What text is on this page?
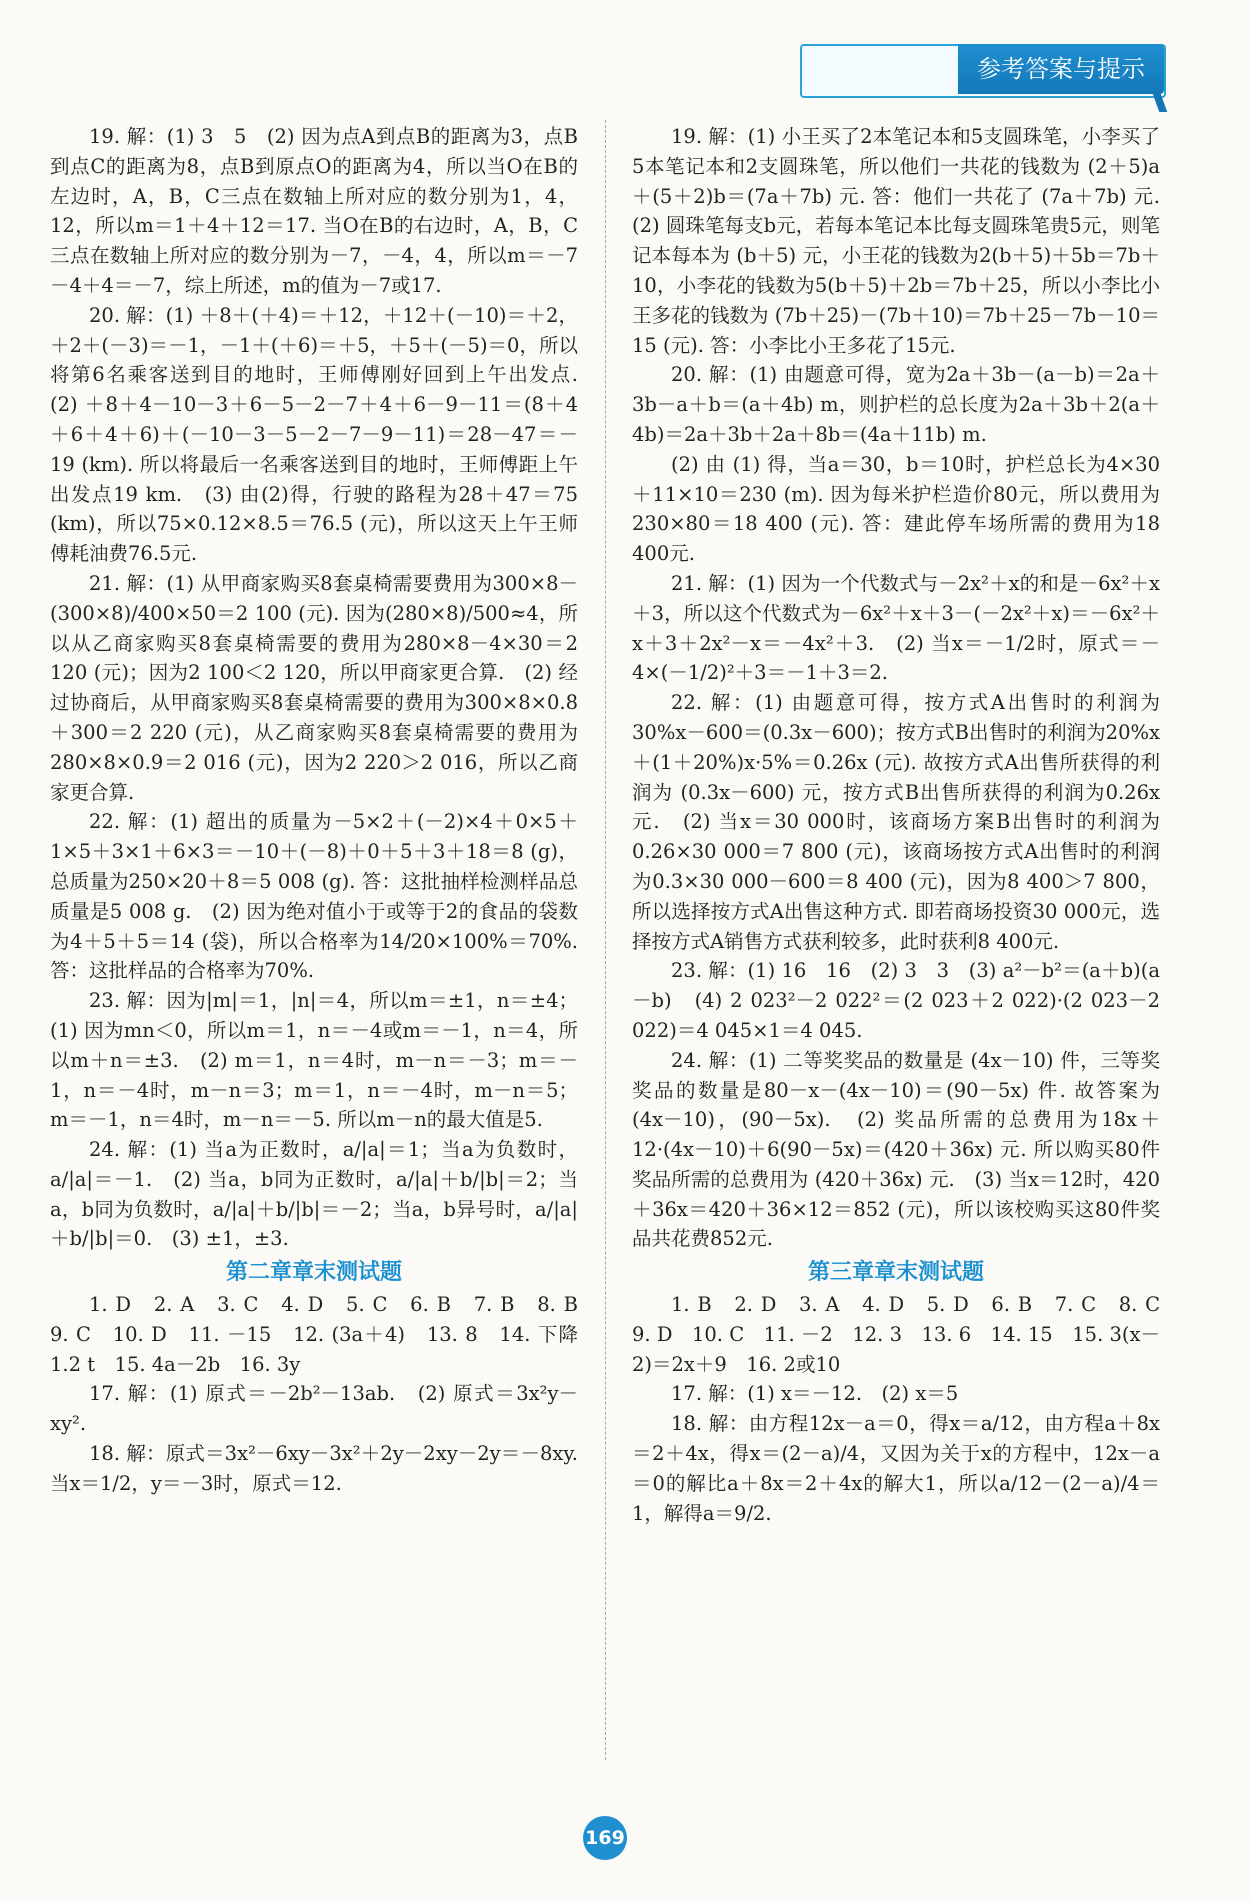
参考答案与提示

19. 解：(1) 3　5　(2) 因为点A到点B的距离为3，点B到点C的距离为8，点B到原点O的距离为4，所以当O在B的左边时，A，B，C三点在数轴上所对应的数分别为1，4，12，所以m＝1＋4＋12＝17. 当O在B的右边时，A，B，C三点在数轴上所对应的数分别为－7，－4，4，所以m＝－7－4＋4＝－7，综上所述，m的值为－7或17.

20. 解：(1) ＋8＋(＋4)＝＋12，＋12＋(－10)＝＋2，＋2＋(－3)＝－1，－1＋(＋6)＝＋5，＋5＋(－5)＝0，所以将第6名乘客送到目的地时，王师傅刚好回到上午出发点.　(2) ＋8＋4－10－3＋6－5－2－7＋4＋6－9－11＝(8＋4＋6＋4＋6)＋(－10－3－5－2－7－9－11)＝28－47＝－19 (km). 所以将最后一名乘客送到目的地时，王师傅距上午出发点19 km.　(3) 由(2)得，行驶的路程为28＋47＝75 (km)，所以75×0.12×8.5＝76.5 (元)，所以这天上午王师傅耗油费76.5元.

21. 解：(1) 从甲商家购买8套桌椅需要费用为300×8－(300×8)/400×50＝2 100 (元). 因为(280×8)/500≈4，所以从乙商家购买8套桌椅需要的费用为280×8－4×30＝2 120 (元)；因为2 100＜2 120，所以甲商家更合算.　(2) 经过协商后，从甲商家购买8套桌椅需要的费用为300×8×0.8＋300＝2 220 (元)，从乙商家购买8套桌椅需要的费用为280×8×0.9＝2 016 (元)，因为2 220＞2 016，所以乙商家更合算.

22. 解：(1) 超出的质量为－5×2＋(－2)×4＋0×5＋1×5＋3×1＋6×3＝－10＋(－8)＋0＋5＋3＋18＝8 (g)，总质量为250×20＋8＝5 008 (g). 答：这批抽样检测样品总质量是5 008 g.　(2) 因为绝对值小于或等于2的食品的袋数为4＋5＋5＝14 (袋)，所以合格率为14/20×100%＝70%. 答：这批样品的合格率为70%.

23. 解：因为|m|＝1，|n|＝4，所以m＝±1，n＝±4；(1) 因为mn＜0，所以m＝1，n＝－4或m＝－1，n＝4，所以m＋n＝±3.　(2) m＝1，n＝4时，m－n＝－3；m＝－1，n＝－4时，m－n＝3；m＝1，n＝－4时，m－n＝5；m＝－1，n＝4时，m－n＝－5. 所以m－n的最大值是5.

24. 解：(1) 当a为正数时，a/|a|＝1；当a为负数时，a/|a|＝－1.　(2) 当a，b同为正数时，a/|a|＋b/|b|＝2；当a，b同为负数时，a/|a|＋b/|b|＝－2；当a，b异号时，a/|a|＋b/|b|＝0.　(3) ±1，±3.

第二章章末测试题

1. D　2. A　3. C　4. D　5. C　6. B　7. B　8. B　9. C　10. D　11. －15　12. (3a＋4)　13. 8　14. 下降1.2 t　15. 4a－2b　16. 3y

17. 解：(1) 原式＝－2b²－13ab.　(2) 原式＝3x²y－xy².

18. 解：原式＝3x²－6xy－3x²＋2y－2xy－2y＝－8xy. 当x＝1/2，y＝－3时，原式＝12.

19. 解：(1) 小王买了2本笔记本和5支圆珠笔，小李买了5本笔记本和2支圆珠笔，所以他们一共花的钱数为 (2＋5)a＋(5＋2)b＝(7a＋7b) 元. 答：他们一共花了 (7a＋7b) 元.　(2) 圆珠笔每支b元，若每本笔记本比每支圆珠笔贵5元，则笔记本每本为 (b＋5) 元，小王花的钱数为2(b＋5)＋5b＝7b＋10，小李花的钱数为5(b＋5)＋2b＝7b＋25，所以小李比小王多花的钱数为 (7b＋25)－(7b＋10)＝7b＋25－7b－10＝15 (元). 答：小李比小王多花了15元.

20. 解：(1) 由题意可得，宽为2a＋3b－(a－b)＝2a＋3b－a＋b＝(a＋4b) m，则护栏的总长度为2a＋3b＋2(a＋4b)＝2a＋3b＋2a＋8b＝(4a＋11b) m.

(2) 由 (1) 得，当a＝30，b＝10时，护栏总长为4×30＋11×10＝230 (m). 因为每米护栏造价80元，所以费用为230×80＝18 400 (元). 答：建此停车场所需的费用为18 400元.

21. 解：(1) 因为一个代数式与－2x²＋x的和是－6x²＋x＋3，所以这个代数式为－6x²＋x＋3－(－2x²＋x)＝－6x²＋x＋3＋2x²－x＝－4x²＋3.　(2) 当x＝－1/2时，原式＝－4×(－1/2)²＋3＝－1＋3＝2.

22. 解：(1) 由题意可得，按方式A出售时的利润为30%x－600＝(0.3x－600)；按方式B出售时的利润为20%x＋(1＋20%)x·5%＝0.26x (元). 故按方式A出售所获得的利润为 (0.3x－600) 元，按方式B出售所获得的利润为0.26x元.　(2) 当x＝30 000时，该商场方案B出售时的利润为0.26×30 000＝7 800 (元)，该商场按方式A出售时的利润为0.3×30 000－600＝8 400 (元)，因为8 400＞7 800，所以选择按方式A出售这种方式. 即若商场投资30 000元，选择按方式A销售方式获利较多，此时获利8 400元.

23. 解：(1) 16　16　(2) 3　3　(3) a²－b²＝(a＋b)(a－b)　(4) 2 023²－2 022²＝(2 023＋2 022)·(2 023－2 022)＝4 045×1＝4 045.

24. 解：(1) 二等奖奖品的数量是 (4x－10) 件，三等奖奖品的数量是80－x－(4x－10)＝(90－5x) 件. 故答案为 (4x－10)，(90－5x).　(2) 奖品所需的总费用为18x＋12·(4x－10)＋6(90－5x)＝(420＋36x) 元. 所以购买80件奖品所需的总费用为 (420＋36x) 元.　(3) 当x＝12时，420＋36x＝420＋36×12＝852 (元)，所以该校购买这80件奖品共花费852元.

第三章章末测试题

1. B　2. D　3. A　4. D　5. D　6. B　7. C　8. C　9. D　10. C　11. －2　12. 3　13. 6　14. 15　15. 3(x－2)＝2x＋9　16. 2或10

17. 解：(1) x＝－12.　(2) x＝5

18. 解：由方程12x－a＝0，得x＝a/12，由方程a＋8x＝2＋4x，得x＝(2－a)/4，又因为关于x的方程中，12x－a＝0的解比a＋8x＝2＋4x的解大1，所以a/12－(2－a)/4＝1，解得a＝9/2.

169
